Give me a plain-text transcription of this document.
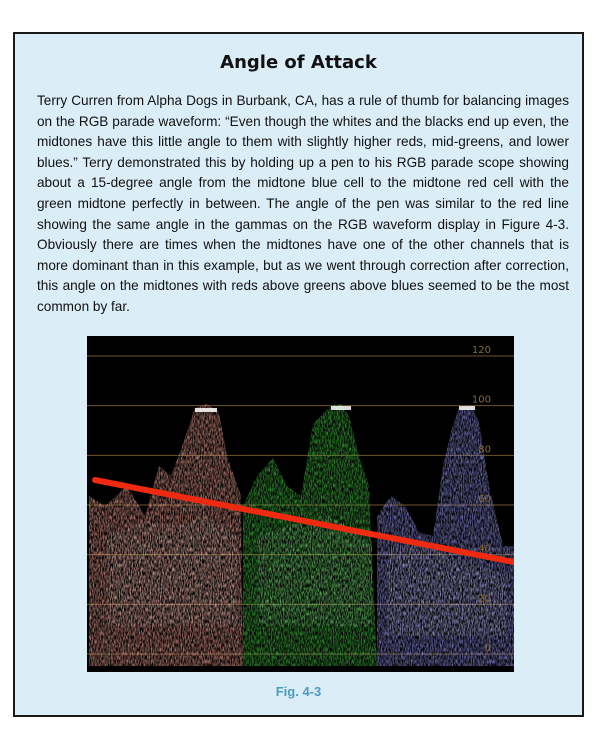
Angle of Attack

Terry Curren from Alpha Dogs in Burbank, CA, has a rule of thumb for balancing images on the RGB parade waveform: “Even though the whites and the blacks end up even, the midtones have this little angle to them with slightly higher reds, mid-greens, and lower blues.” Terry demonstrated this by holding up a pen to his RGB parade scope showing about a 15-degree angle from the midtone blue cell to the midtone red cell with the green midtone perfectly in between. The angle of the pen was similar to the red line showing the same angle in the gammas on the RGB waveform display in Figure 4-3. Obviously there are times when the midtones have one of the other channels that is more dominant than in this example, but as we went through correction after correction, this angle on the midtones with reds above greens above blues seemed to be the most common by far.

120
100
80
60
40
20
0
Fig. 4-3
